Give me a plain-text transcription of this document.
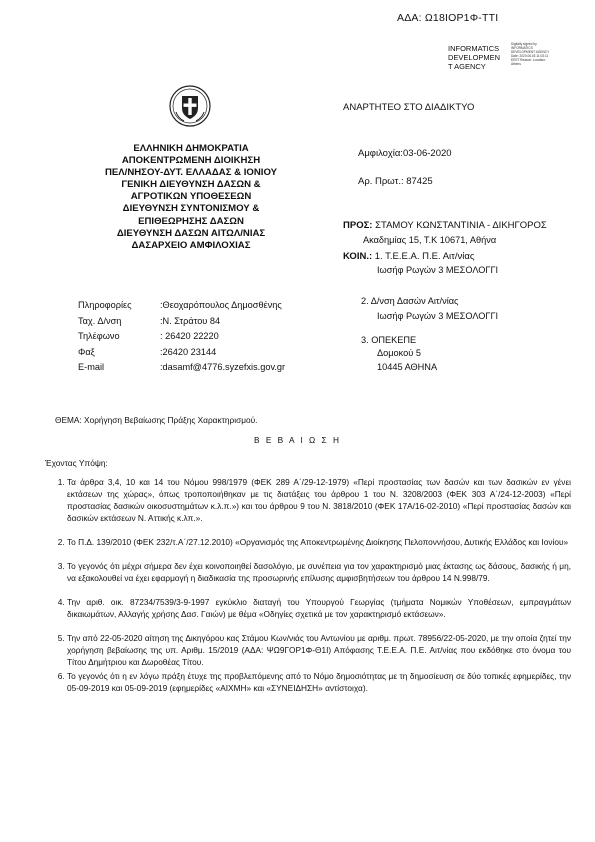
ΑΔΑ: Ω18ΙΟΡ1Φ-ΤΤΙ
INFORMATICS DEVELOPMEN T AGENCY
Digitally signed by INFORMATICS DEVELOPMENT AGENCY Date: 2020.06.03 11:03:11 EEST Reason: Location: Athens
ΑΝΑΡΤΗΤΕΟ ΣΤΟ ΔΙΑΔΙΚΤΥΟ
ΕΛΛΗΝΙΚΗ ΔΗΜΟΚΡΑΤΙΑ
ΑΠΟΚΕΝΤΡΩΜΕΝΗ ΔΙΟΙΚΗΣΗ
ΠΕΛ/ΝΗΣΟΥ-ΔΥΤ. ΕΛΛΑΔΑΣ & ΙΟΝΙΟΥ
ΓΕΝΙΚΗ ΔΙΕΥΘΥΝΣΗ ΔΑΣΩΝ &
ΑΓΡΟΤΙΚΩΝ ΥΠΟΘΕΣΕΩΝ
ΔΙΕΥΘΥΝΣΗ ΣΥΝΤΟΝΙΣΜΟΥ &
ΕΠΙΘΕΩΡΗΣΗΣ ΔΑΣΩΝ
ΔΙΕΥΘΥΝΣΗ ΔΑΣΩΝ ΑΙΤΩΛ/ΝΙΑΣ
ΔΑΣΑΡΧΕΙΟ ΑΜΦΙΛΟΧΙΑΣ
Αμφιλοχία:03-06-2020
Αρ. Πρωτ.: 87425
ΠΡΟΣ: ΣΤΑΜΟΥ ΚΩΝΣΤΑΝΤΙΝΙΑ - ΔΙΚΗΓΟΡΟΣ
Ακαδημίας 15, Τ.Κ 10671, Αθήνα
ΚΟΙΝ.: 1. Τ.Ε.Ε.Α. Π.Ε. Αιτ/νίας
Ιωσήφ Ρωγών 3 ΜΕΣΟΛΟΓΓΙ
2. Δ/νση Δασών Αιτ/νίας
Ιωσήφ Ρωγών 3 ΜΕΣΟΛΟΓΓΙ
3. ΟΠΕΚΕΠΕ
Δομοκού 5
10445 ΑΘΗΝΑ
Πληροφορίες	:Θεοχαρόπουλος Δημοσθένης
Ταχ. Δ/νση	:Ν. Στράτου 84
Τηλέφωνο	: 26420 22220
Φαξ	:26420 23144
E-mail	:dasamf@4776.syzefxis.gov.gr
ΘΕΜΑ: Χορήγηση Βεβαίωσης Πράξης Χαρακτηρισμού.
Β Ε Β Α Ι Ω Σ Η
Έχοντας Υπόψη:
1. Τα άρθρα 3,4, 10 και 14 του Νόμου 998/1979 (ΦΕΚ 289 Α΄/29-12-1979) «Περί προστασίας των δασών και των δασικών εν γένει εκτάσεων της χώρας», όπως τροποποιήθηκαν με τις διατάξεις του άρθρου 1 του Ν. 3208/2003 (ΦΕΚ 303 Α΄/24-12-2003) «Περί προστασίας δασικών οικοσυστημάτων κ.λ.π.») και του άρθρου 9 του Ν. 3818/2010 (ΦΕΚ 17Α/16-02-2010) «Περί προστασίας δασών και δασικών εκτάσεων Ν. Αττικής κ.λπ.».
2. Το Π.Δ. 139/2010 (ΦΕΚ 232/τ.Α΄/27.12.2010) «Οργανισμός της Αποκεντρωμένης Διοίκησης Πελοποννήσου, Δυτικής Ελλάδος και Ιονίου»
3. Το γεγονός ότι μέχρι σήμερα δεν έχει κοινοποιηθεί δασολόγιο, με συνέπεια για τον χαρακτηρισμό μιας έκτασης ως δάσους, δασικής ή μη, να εξακολουθεί να έχει εφαρμογή η διαδικασία της προσωρινής επίλυσης αμφισβητήσεων του άρθρου 14 Ν.998/79.
4. Την αριθ. οικ. 87234/7539/3-9-1997 εγκύκλιο διαταγή του Υπουργού Γεωργίας (τμήματα Νομικών Υποθέσεων, εμπραγμάτων δικαιωμάτων, Αλλαγής χρήσης Δασ. Γαιών) με θέμα «Οδηγίες σχετικά με τον χαρακτηρισμό εκτάσεων».
5. Την από 22-05-2020 αίτηση της Δικηγόρου κας Στάμου Κων/νιάς του Αντωνίου με αριθμ. πρωτ. 78956/22-05-2020, με την οποία ζητεί την χορήγηση βεβαίωσης της υπ. Αριθμ. 15/2019 (ΑΔΑ: ΨΩ9ΓΟΡ1Φ-Θ1Ι) Απόφασης Τ.Ε.Ε.Α. Π.Ε. Αιτ/νίας που εκδόθηκε στο όνομα του Τίτου Δημήτριου και Δωροθέας Τίτου.
6. Το γεγονός ότι η εν λόγω πράξη έτυχε της προβλεπόμενης από το Νόμο δημοσιότητας με τη δημοσίευση σε δύο τοπικές εφημερίδες, την 05-09-2019 και 05-09-2019 (εφημερίδες «ΑΙΧΜΗ» και «ΣΥΝΕΙΔΗΣΗ» αντίστοιχα).
